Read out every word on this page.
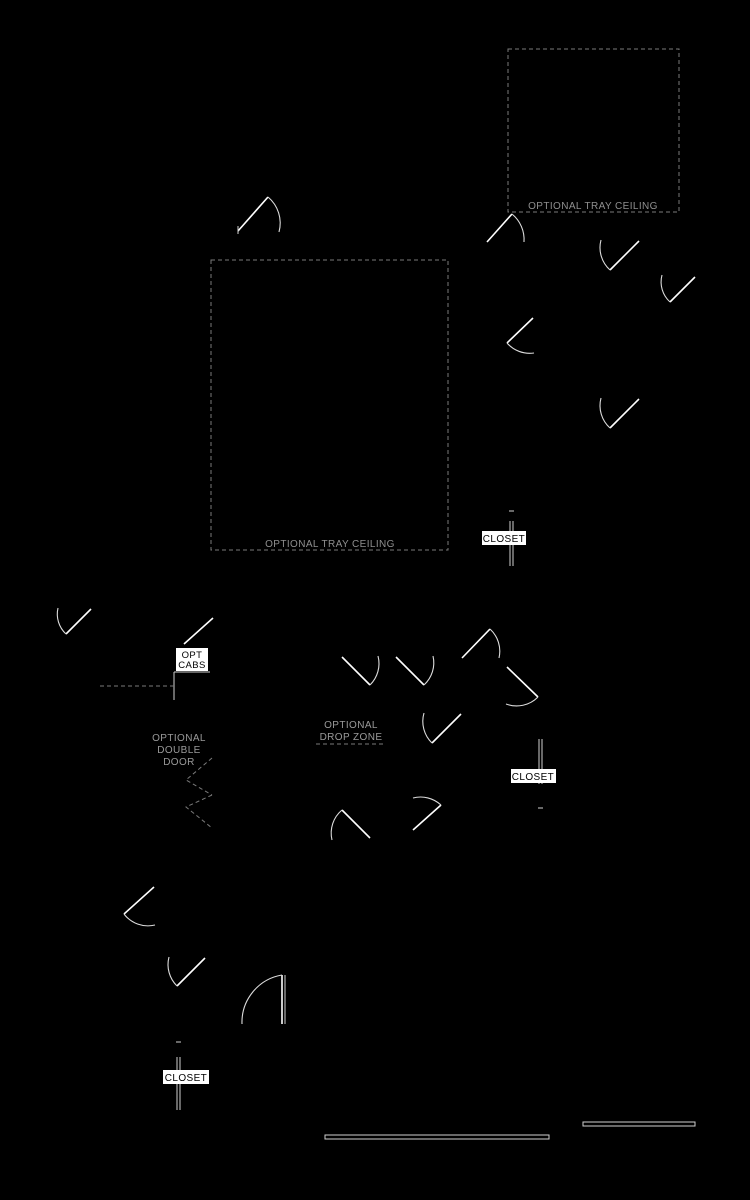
OPTIONAL TRAY CEILING
OPTIONAL TRAY CEILING	CLOSET
CLOSET
CLOSET
OPT
CABS
OPTIONAL
DOUBLE
DOOR
OPTIONAL
DROP ZONE
